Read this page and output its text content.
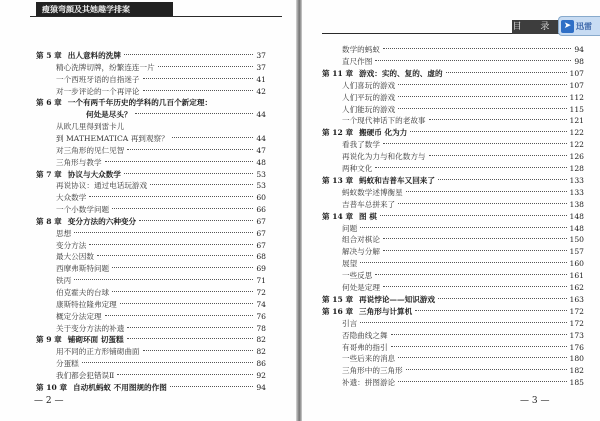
瘦猿弯顔及其她趣学排案
第 5 章 出人意料的洗牌	37
精心洗牌切牌，纷繁连连一片	37
一个西班牙语的自指迷子	41
对一步评论的一个再评论	42
第 6 章 一个有两千年历史的学科的几百个新定理：
何处是尽头？	44
从欧几里得到雷卡儿
到 MATHEMATICA 再到观察？	44
对三角形的见仁见智	47
三角形与教学	48
第 7 章 协议与大众数学	53
再说协议：通过电话玩游戏	53
大众数学	60
一个小数学问题	66
第 8 章 变分方法的六种变分	67
思想	67
变分方法	67
最大公因数	68
西摩弗斯特问题	69
铁丙	71
伯克霍夫的台球	72
康斯特拉隆弗定理	74
概定分法定理	76
关于变分方法的补遗	78
第 9 章 铺砌环面 切蛋糕	82
用不同的正方形铺砌曲面	82
分蛋糕	86
我们都会犯错误Ⅱ	92
第 10 章 自动机蚂蚁 不用图规的作图	94
— 2 —
目 录 ➤ 迅雷
数学的蚂蚁	94
直尺作图	98
第 11 章 游戏：实的、复的、虚的	107
人们喜玩的游戏	107
人们平玩的游戏	112
人们能玩的游戏	115
一个现代神话下的老故事	121
第 12 章 搬硬币 化为力	122
看我了数学	122
再说化为力与和化数方与	126
两种文化	128
第 13 章 蚂蚁和吉普车又回来了	133
蚂蚁数学述博衡星	133
吉普车总拼来了	138
第 14 章 图 棋	148
问题	148
组合对棋论	150
解决与分解	157
展望	160
一些反思	161
何处是定理	162
第 15 章 再说悖论——知识游戏	163
第 16 章 三角形与计算机	172
引言	172
否隐曲线之舞	173
有哥弗的指引	176
一些后来的消息	180
三角形中的三角形	182
补遗：拼图游论	185
— 3 —
